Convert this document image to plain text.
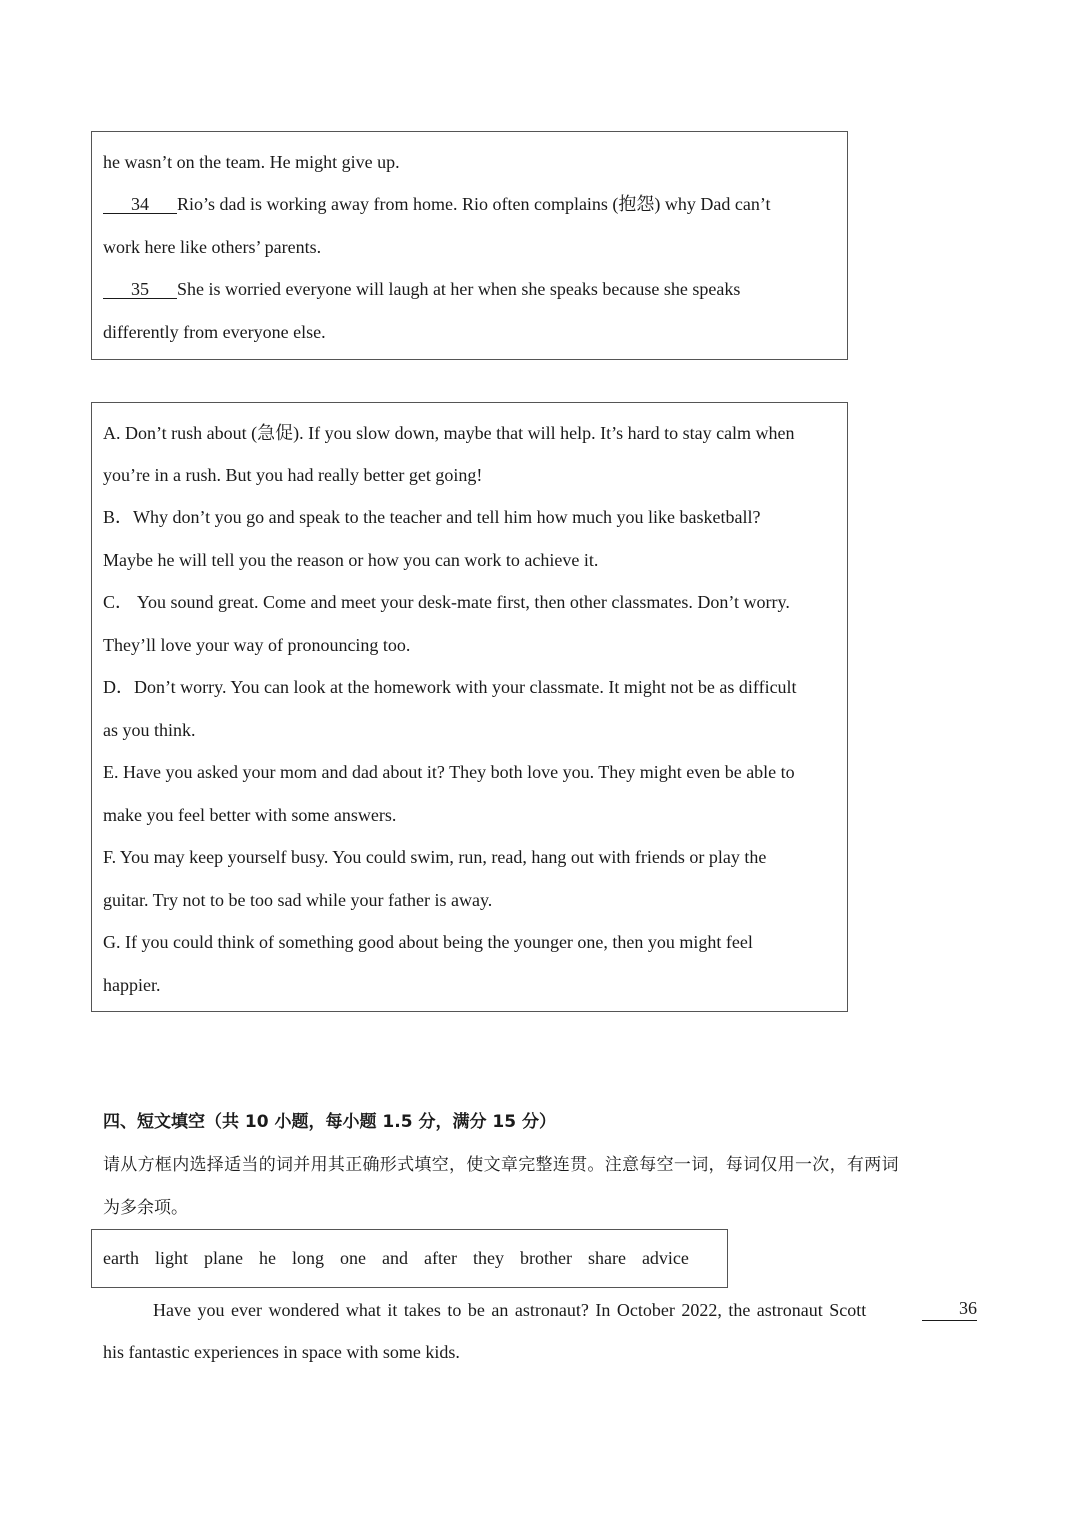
he wasn’t on the team. He might give up.
34 Rio’s dad is working away from home. Rio often complains (抱怨) why Dad can’t
work here like others’ parents.
35 She is worried everyone will laugh at her when she speaks because she speaks
differently from everyone else.
A. Don’t rush about (急促). If you slow down, maybe that will help. It’s hard to stay calm when
you’re in a rush. But you had really better get going!
B．Why don’t you go and speak to the teacher and tell him how much you like basketball?
Maybe he will tell you the reason or how you can work to achieve it.
C． You sound great. Come and meet your desk-mate first, then other classmates. Don’t worry.
They’ll love your way of pronouncing too.
D．Don’t worry. You can look at the homework with your classmate. It might not be as difficult
as you think.
E. Have you asked your mom and dad about it? They both love you. They might even be able to
make you feel better with some answers.
F. You may keep yourself busy. You could swim, run, read, hang out with friends or play the
guitar. Try not to be too sad while your father is away.
G. If you could think of something good about being the younger one, then you might feel
happier.
四、短文填空（共 10 小题，每小题 1.5 分，满分 15 分）
请从方框内选择适当的词并用其正确形式填空，使文章完整连贯。注意每空一词，每词仅用一次，有两词
为多余项。
earth light plane he long one and after they brother share advice
Have you ever wondered what it takes to be an astronaut? In October 2022, the astronaut Scott	36
his fantastic experiences in space with some kids.
